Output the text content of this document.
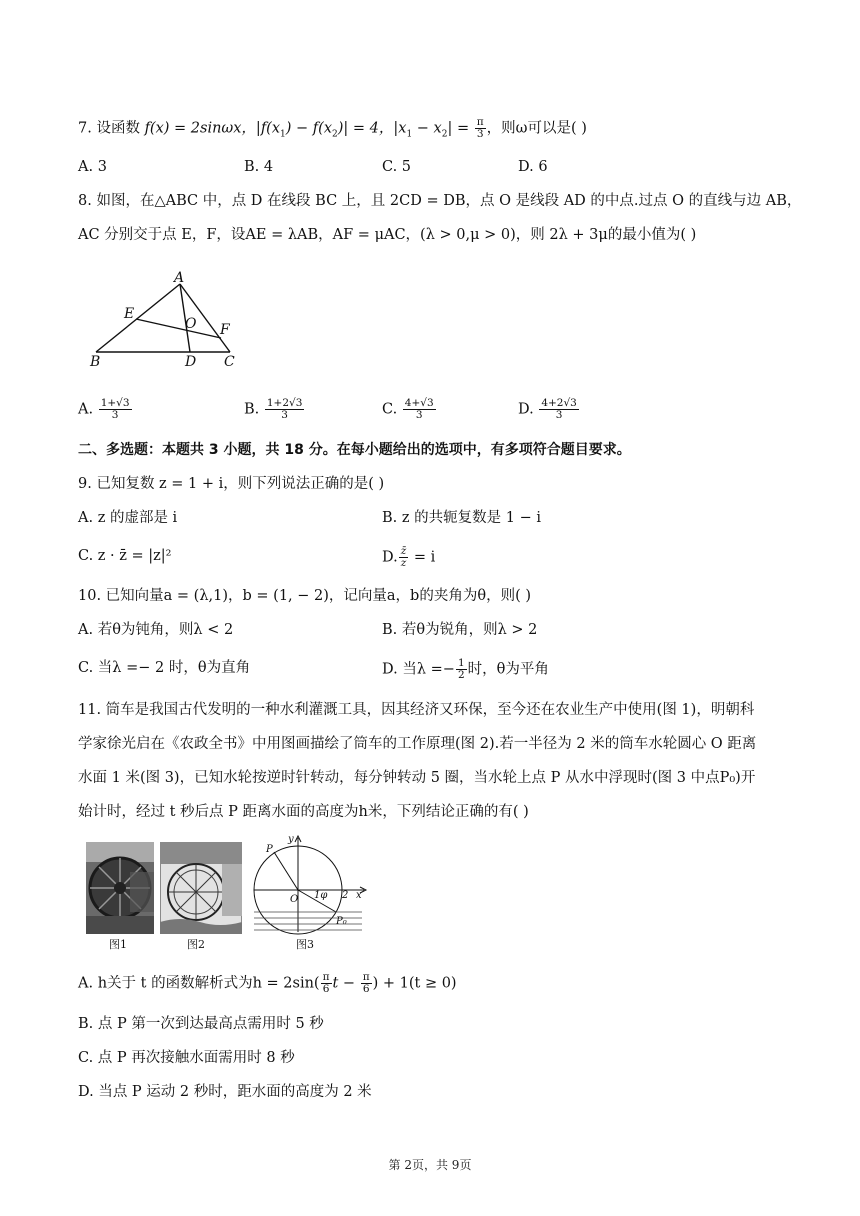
7. 设函数 f(x) = 2sinωx，$|f(x_1) - f(x_2)| = 4$，$|x_1 - x_2| = \frac{\pi}{3}$ ，则ω可以是( )
A. 3	B. 4	C. 5	D. 6
8. 如图，在△ABC 中，点 D 在线段 BC 上，且 2CD = DB，点 O 是线段 AD 的中点.过点 O 的直线与边 AB，
AC 分别交于点 E，F，设AE = λAB，AF = μAC，(λ > 0,μ > 0)，则 2λ + 3μ的最小值为( )
A
E
O F
B	D C
A. $\frac{1+√3}{3}$	B. $\frac{1+2√3}{3}$	C. $\frac{4+√3}{3}$	D. $\frac{4+2√3}{3}$
二、多选题：本题共 3 小题，共 18 分。在每小题给出的选项中，有多项符合题目要求。
9. 已知复数 z = 1 + i，则下列说法正确的是( )
A. z 的虚部是 i	B. z 的共轭复数是 1 − i
C. z · z̄ = |z|²	D. $\frac{z̄}{z} = i$
10. 已知向量a = (λ,1)，b = (1, − 2)，记向量a，b的夹角为θ，则( )
A. 若θ为钝角，则λ < 2	B. 若θ为锐角，则λ > 2
C. 当λ =− 2 时，θ为直角	D. 当$\lambda =- \frac{1}{2}$ 时，θ为平角
11. 筒车是我国古代发明的一种水利灌溉工具，因其经济又环保，至今还在农业生产中使用(图 1)，明朝科
学家徐光启在《农政全书》中用图画描绘了筒车的工作原理(图 2).若一半径为 2 米的筒车水轮圆心 O 距离
水面 1 米(图 3)，已知水轮按逆时针转动，每分钟转动 5 圈，当水轮上点 P 从水中浮现时(图 3 中点P₀)开
始计时，经过 t 秒后点 P 距离水面的高度为h米，下列结论正确的有( )
图1	图2
y
P
O 1φ 2 x
P₀
图3
A. h关于 t 的函数解析式为$h = 2\sin( \frac{\pi}{6}$ $t - \frac{\pi}{6}$ ) + 1(t ≥ 0)
B. 点 P 第一次到达最高点需用时 5 秒
C. 点 P 再次接触水面需用时 8 秒
D. 当点 P 运动 2 秒时，距水面的高度为 2 米
第 2页，共 9页
